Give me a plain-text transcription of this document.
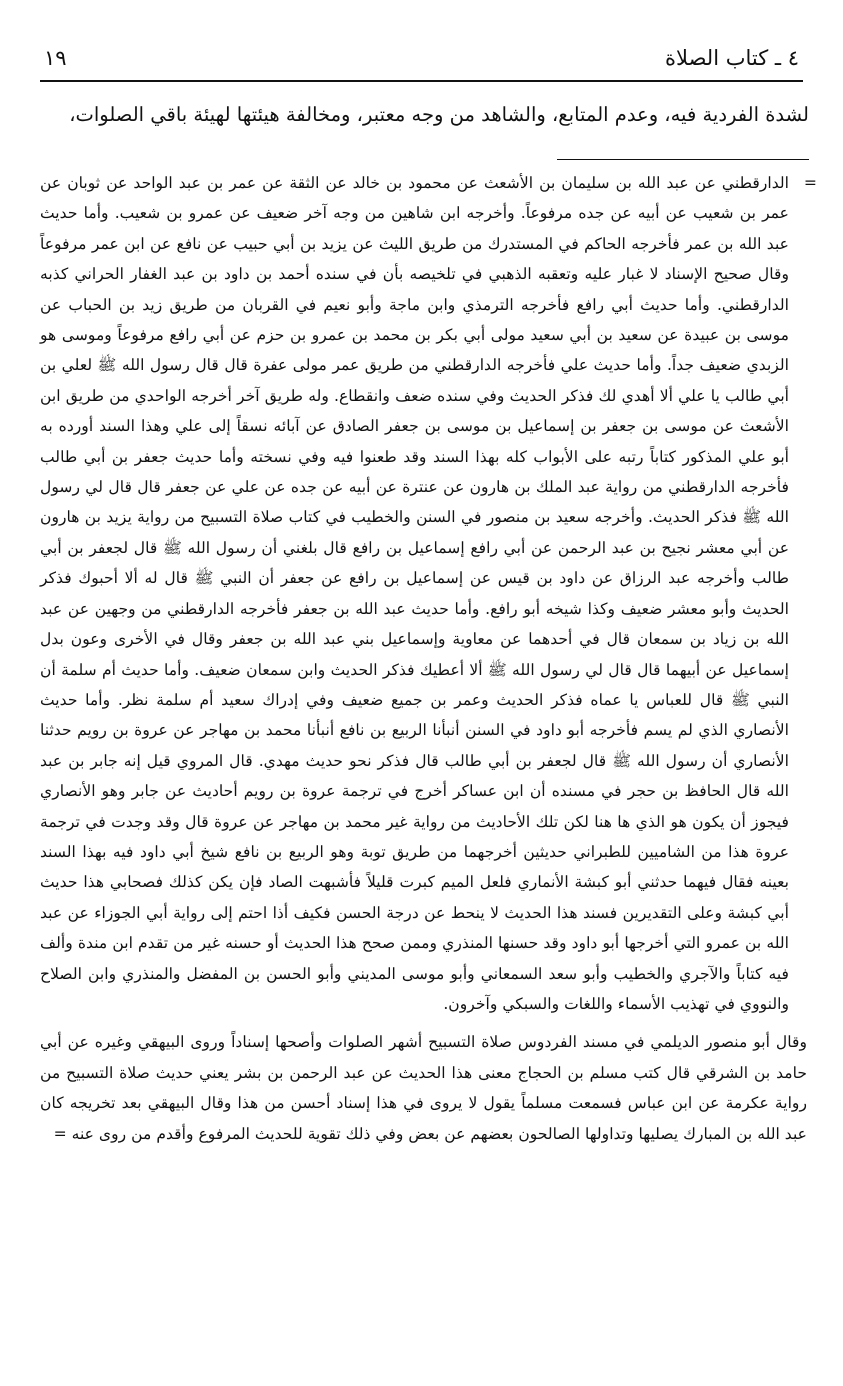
٤ ـ كتاب الصلاة
١٩
لشدة الفردية فيه، وعدم المتابع، والشاهد من وجه معتبر، ومخالفة هيئتها لهيئة باقي الصلوات،
=

الدارقطني عن عبد الله بن سليمان بن الأشعث عن محمود بن خالد عن الثقة عن عمر بن عبد الواحد عن ثوبان عن عمر بن شعيب عن أبيه عن جده مرفوعاً. وأخرجه ابن شاهين من وجه آخر ضعيف عن عمرو بن شعيب. وأما حديث عبد الله بن عمر فأخرجه الحاكم في المستدرك من طريق الليث عن يزيد بن أبي حبيب عن نافع عن ابن عمر مرفوعاً وقال صحيح الإسناد لا غبار عليه وتعقبه الذهبي في تلخيصه بأن في سنده أحمد بن داود بن عبد الغفار الحراني كذبه الدارقطني. وأما حديث أبي رافع فأخرجه الترمذي وابن ماجة وأبو نعيم في القربان من طريق زيد بن الحباب عن موسى بن عبيدة عن سعيد بن أبي سعيد مولى أبي بكر بن محمد بن عمرو بن حزم عن أبي رافع مرفوعاً وموسى هو الزبدي ضعيف جداً. وأما حديث علي فأخرجه الدارقطني من طريق عمر مولى عفرة قال قال رسول الله ﷺ لعلي بن أبي طالب يا علي ألا أهدي لك فذكر الحديث وفي سنده ضعف وانقطاع. وله طريق آخر أخرجه الواحدي من طريق ابن الأشعث عن موسى بن جعفر بن إسماعيل بن موسى بن جعفر الصادق عن آبائه نسقاً إلى علي وهذا السند أورده به أبو علي المذكور كتاباً رتبه على الأبواب كله بهذا السند وقد طعنوا فيه وفي نسخته وأما حديث جعفر بن أبي طالب فأخرجه الدارقطني من رواية عبد الملك بن هارون عن عنترة عن أبيه عن جده عن علي عن جعفر قال قال لي رسول الله ﷺ فذكر الحديث. وأخرجه سعيد بن منصور في السنن والخطيب في كتاب صلاة التسبيح من رواية يزيد بن هارون عن أبي معشر نجيح بن عبد الرحمن عن أبي رافع إسماعيل بن رافع قال بلغني أن رسول الله ﷺ قال لجعفر بن أبي طالب وأخرجه عبد الرزاق عن داود بن قيس عن إسماعيل بن رافع عن جعفر أن النبي ﷺ قال له ألا أحبوك فذكر الحديث وأبو معشر ضعيف وكذا شيخه أبو رافع. وأما حديث عبد الله بن جعفر فأخرجه الدارقطني من وجهين عن عبد الله بن زياد بن سمعان قال في أحدهما عن معاوية وإسماعيل بني عبد الله بن جعفر وقال في الأخرى وعون بدل إسماعيل عن أبيهما قال قال لي رسول الله ﷺ ألا أعطيك فذكر الحديث وابن سمعان ضعيف. وأما حديث أم سلمة أن النبي ﷺ قال للعباس يا عماه فذكر الحديث وعمر بن جميع ضعيف وفي إدراك سعيد أم سلمة نظر. وأما حديث الأنصاري الذي لم يسم فأخرجه أبو داود في السنن أنبأنا الربيع بن نافع أنبأنا محمد بن مهاجر عن عروة بن رويم حدثنا الأنصاري أن رسول الله ﷺ قال لجعفر بن أبي طالب قال فذكر نحو حديث مهدي. قال المروي قيل إنه جابر بن عبد الله قال الحافظ بن حجر في مسنده أن ابن عساكر أخرج في ترجمة عروة بن رويم أحاديث عن جابر وهو الأنصاري فيجوز أن يكون هو الذي ها هنا لكن تلك الأحاديث من رواية غير محمد بن مهاجر عن عروة قال وقد وجدت في ترجمة عروة هذا من الشاميين للطبراني حديثين أخرجهما من طريق توبة وهو الربيع بن نافع شيخ أبي داود فيه بهذا السند بعينه فقال فيهما حدثني أبو كبشة الأنماري فلعل الميم كبرت قليلاً فأشبهت الصاد فإن يكن كذلك فصحابي هذا حديث أبي كبشة وعلى التقديرين فسند هذا الحديث لا ينحط عن درجة الحسن فكيف أذا احتم إلى رواية أبي الجوزاء عن عبد الله بن عمرو التي أخرجها أبو داود وقد حسنها المنذري وممن صحح هذا الحديث أو حسنه غير من تقدم ابن مندة وألف فيه كتاباً والآجري والخطيب وأبو سعد السمعاني وأبو موسى المديني وأبو الحسن بن المفضل والمنذري وابن الصلاح والنووي في تهذيب الأسماء واللغات والسبكي وآخرون.

وقال أبو منصور الديلمي في مسند الفردوس صلاة التسبيح أشهر الصلوات وأصحها إسناداً وروى البيهقي وغيره عن أبي حامد بن الشرقي قال كتب مسلم بن الحجاج معنى هذا الحديث عن عبد الرحمن بن بشر يعني حديث صلاة التسبيح من رواية عكرمة عن ابن عباس فسمعت مسلماً يقول لا يروى في هذا إسناد أحسن من هذا وقال البيهقي بعد تخريجه كان عبد الله بن المبارك يصليها وتداولها الصالحون بعضهم عن بعض وفي ذلك تقوية للحديث المرفوع وأقدم من روى عنه =
